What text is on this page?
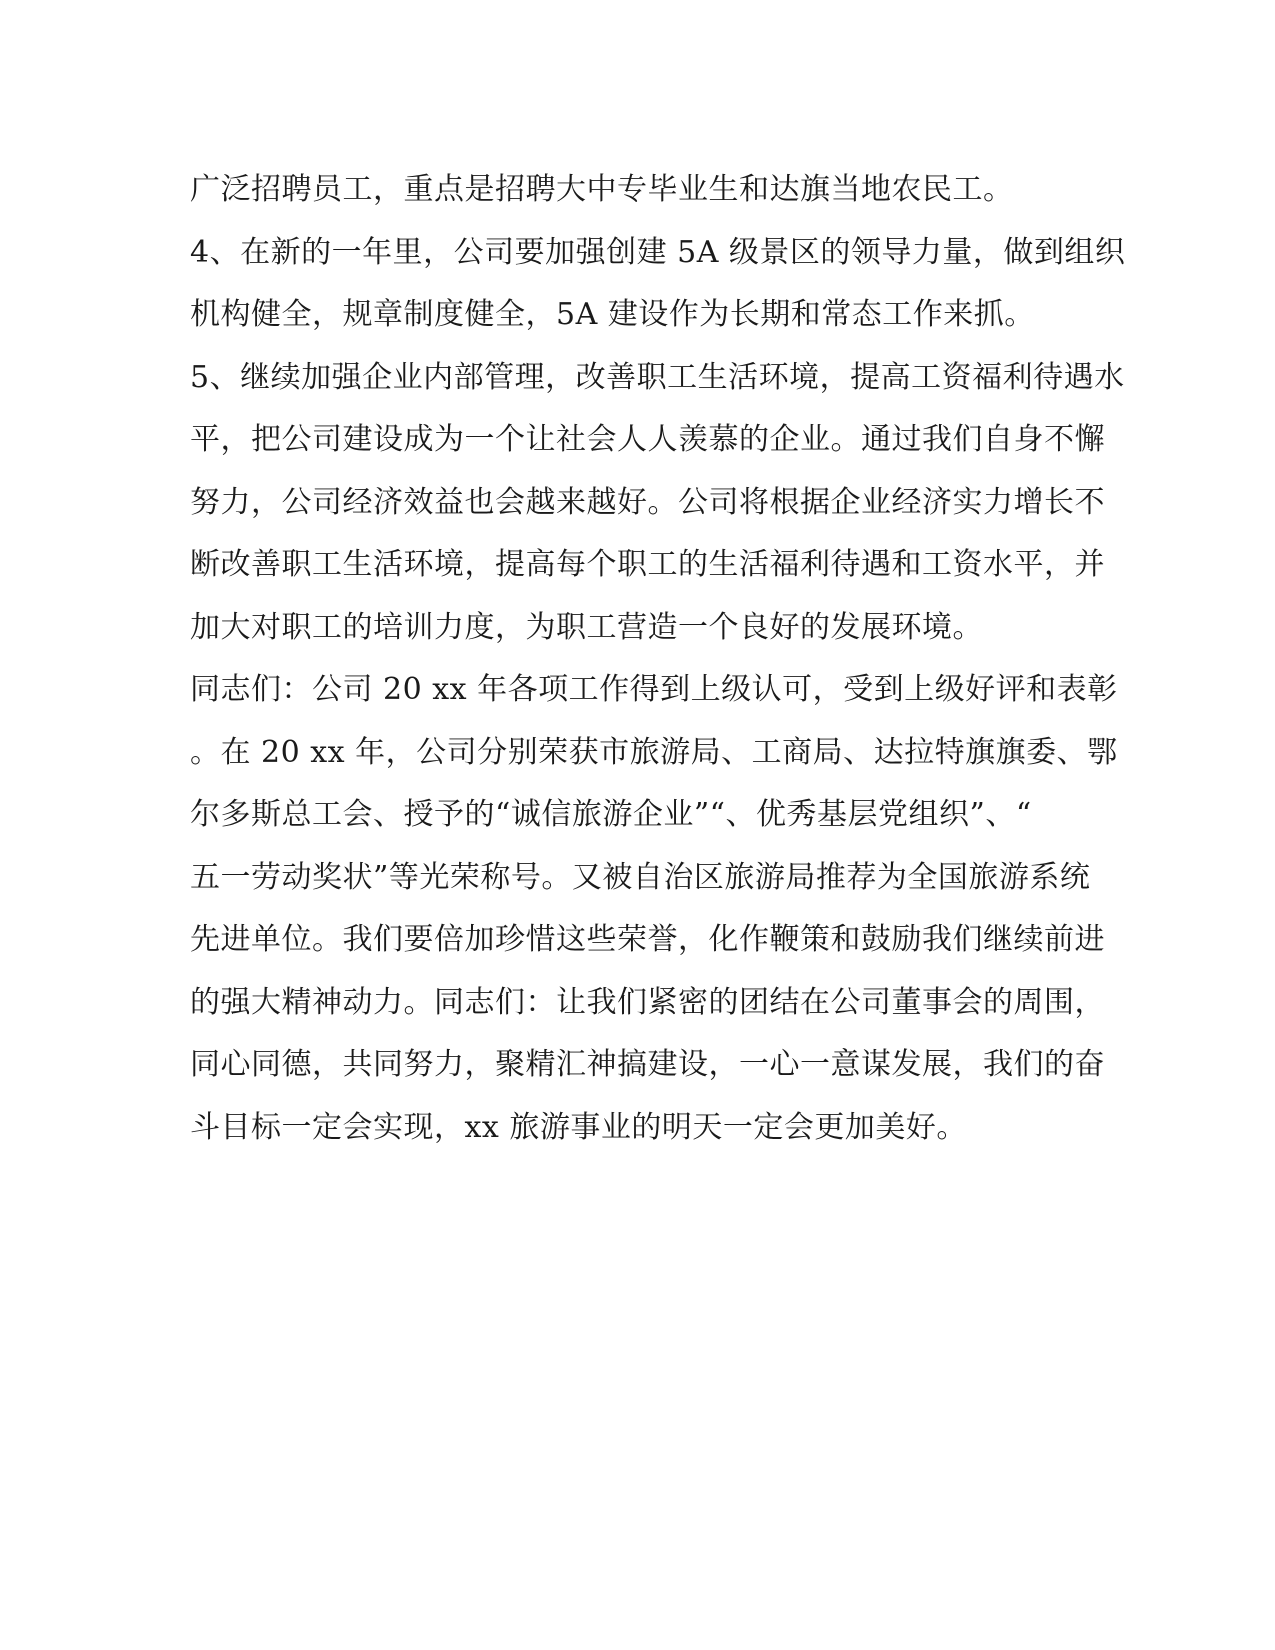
广泛招聘员工，重点是招聘大中专毕业生和达旗当地农民工。
4、在新的一年里，公司要加强创建 5A 级景区的领导力量，做到组织
机构健全，规章制度健全，5A 建设作为长期和常态工作来抓。
5、继续加强企业内部管理，改善职工生活环境，提高工资福利待遇水
平，把公司建设成为一个让社会人人羡慕的企业。通过我们自身不懈
努力，公司经济效益也会越来越好。公司将根据企业经济实力增长不
断改善职工生活环境，提高每个职工的生活福利待遇和工资水平，并
加大对职工的培训力度，为职工营造一个良好的发展环境。
同志们：公司 20 xx 年各项工作得到上级认可，受到上级好评和表彰
。在 20 xx 年，公司分别荣获市旅游局、工商局、达拉特旗旗委、鄂
尔多斯总工会、授予的“诚信旅游企业”“、优秀基层党组织”、“
五一劳动奖状”等光荣称号。又被自治区旅游局推荐为全国旅游系统
先进单位。我们要倍加珍惜这些荣誉，化作鞭策和鼓励我们继续前进
的强大精神动力。同志们：让我们紧密的团结在公司董事会的周围，
同心同德，共同努力，聚精汇神搞建设，一心一意谋发展，我们的奋
斗目标一定会实现，xx 旅游事业的明天一定会更加美好。
